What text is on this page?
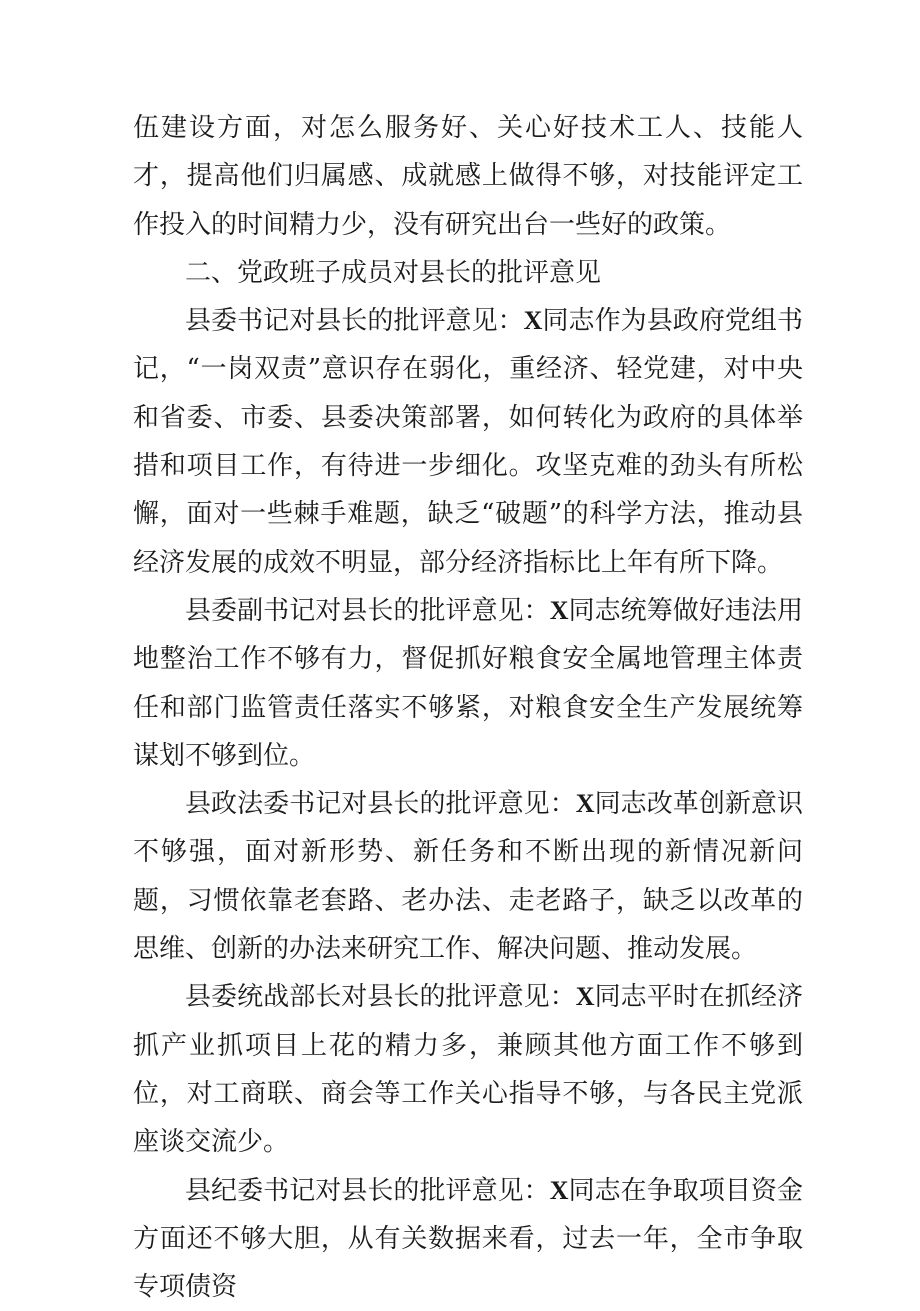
伍建设方面，对怎么服务好、关心好技术工人、技能人才，提高他们归属感、成就感上做得不够，对技能评定工作投入的时间精力少，没有研究出台一些好的政策。

二、党政班子成员对县长的批评意见

县委书记对县长的批评意见：X同志作为县政府党组书记，“一岗双责”意识存在弱化，重经济、轻党建，对中央和省委、市委、县委决策部署，如何转化为政府的具体举措和项目工作，有待进一步细化。攻坚克难的劲头有所松懈，面对一些棘手难题，缺乏“破题”的科学方法，推动县经济发展的成效不明显，部分经济指标比上年有所下降。

县委副书记对县长的批评意见：X同志统筹做好违法用地整治工作不够有力，督促抓好粮食安全属地管理主体责任和部门监管责任落实不够紧，对粮食安全生产发展统筹谋划不够到位。

县政法委书记对县长的批评意见：X同志改革创新意识不够强，面对新形势、新任务和不断出现的新情况新问题，习惯依靠老套路、老办法、走老路子，缺乏以改革的思维、创新的办法来研究工作、解决问题、推动发展。

县委统战部长对县长的批评意见：X同志平时在抓经济抓产业抓项目上花的精力多，兼顾其他方面工作不够到位，对工商联、商会等工作关心指导不够，与各民主党派座谈交流少。

县纪委书记对县长的批评意见：X同志在争取项目资金方面还不够大胆，从有关数据来看，过去一年，全市争取专项债资
